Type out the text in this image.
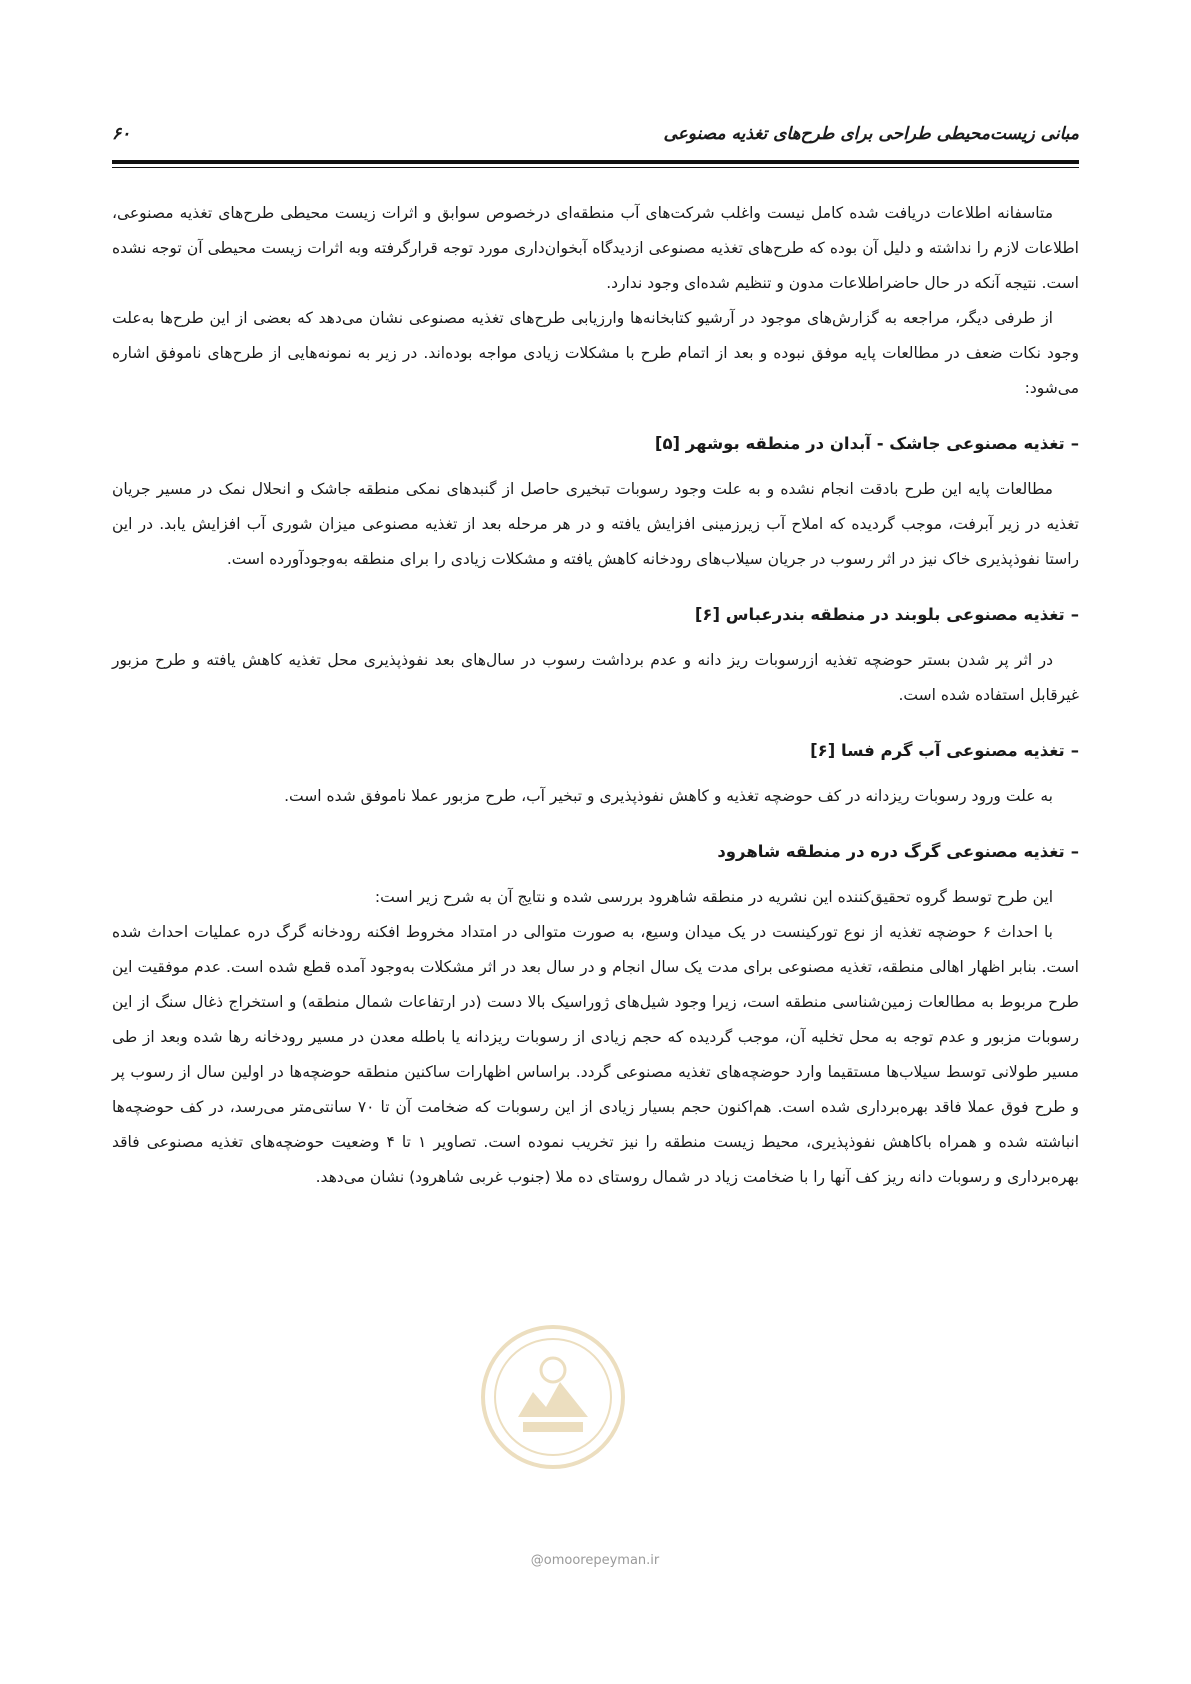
مبانی زیست‌محیطی طراحی برای طرح‌های تغذیه مصنوعی
۶۰

متاسفانه اطلاعات دریافت شده کامل نیست واغلب شرکت‌های آب منطقه‌ای درخصوص سوابق و اثرات زیست محیطی طرح‌های تغذیه مصنوعی، اطلاعات لازم را نداشته و دلیل آن بوده که طرح‌های تغذیه مصنوعی ازدیدگاه آبخوان‌داری مورد توجه قرارگرفته وبه اثرات زیست محیطی آن توجه نشده است. نتیجه آنکه در حال حاضراطلاعات مدون و تنظیم شده‌ای وجود ندارد.

از طرفی دیگر، مراجعه به گزارش‌های موجود در آرشیو کتابخانه‌ها وارزیابی طرح‌های تغذیه مصنوعی نشان می‌دهد که بعضی از این طرح‌ها به‌علت وجود نکات ضعف در مطالعات پایه موفق نبوده و بعد از اتمام طرح با مشکلات زیادی مواجه بوده‌اند. در زیر به نمونه‌هایی از طرح‌های ناموفق اشاره می‌شود:

–تغذیه مصنوعی جاشک - آبدان در منطقه بوشهر [۵]

مطالعات پایه این طرح بادقت انجام نشده و به علت وجود رسوبات تبخیری حاصل از گنبدهای نمکی منطقه جاشک و انحلال نمک در مسیر جریان تغذیه در زیر آبرفت، موجب گردیده که املاح آب زیرزمینی افزایش یافته و در هر مرحله بعد از تغذیه مصنوعی میزان شوری آب افزایش یابد. در این راستا نفوذپذیری خاک نیز در اثر رسوب در جریان سیلاب‌های رودخانه کاهش یافته و مشکلات زیادی را برای منطقه به‌وجودآورده است.

–تغذیه مصنوعی بلوبند در منطقه بندرعباس [۶]

در اثر پر شدن بستر حوضچه تغذیه ازرسوبات ریز دانه و عدم برداشت رسوب در سال‌های بعد نفوذپذیری محل تغذیه کاهش یافته و طرح مزبور غیرقابل استفاده شده است.

–تغذیه مصنوعی آب گرم فسا [۶]

به علت ورود رسوبات ریزدانه در کف حوضچه تغذیه و کاهش نفوذپذیری و تبخیر آب، طرح مزبور عملا ناموفق شده است.

–تغذیه مصنوعی گرگ دره در منطقه شاهرود

این طرح توسط گروه تحقیق‌کننده این نشریه در منطقه شاهرود بررسی شده و نتایج آن به شرح زیر است:

با احداث ۶ حوضچه تغذیه از نوع تورکینست در یک میدان وسیع، به صورت متوالی در امتداد مخروط افکنه رودخانه گرگ دره عملیات احداث شده است. بنابر اظهار اهالی منطقه، تغذیه مصنوعی برای مدت یک سال انجام و در سال بعد در اثر مشکلات به‌وجود آمده قطع شده است. عدم موفقیت این طرح مربوط به مطالعات زمین‌شناسی منطقه است، زیرا وجود شیل‌های ژوراسیک بالا دست (در ارتفاعات شمال منطقه) و استخراج ذغال سنگ از این رسوبات مزبور و عدم توجه به محل تخلیه آن، موجب گردیده که حجم زیادی از رسوبات ریزدانه یا باطله معدن در مسیر رودخانه رها شده وبعد از طی مسیر طولانی توسط سیلاب‌ها مستقیما وارد حوضچه‌های تغذیه مصنوعی گردد. براساس اظهارات ساکنین منطقه حوضچه‌ها در اولین سال از رسوب پر و طرح فوق عملا فاقد بهره‌برداری شده است. هم‌اکنون حجم بسیار زیادی از این رسوبات که ضخامت آن تا ۷۰ سانتی‌متر می‌رسد، در کف حوضچه‌ها انباشته شده و همراه باکاهش نفوذپذیری، محیط زیست منطقه را نیز تخریب نموده است. تصاویر ۱ تا ۴ وضعیت حوضچه‌های تغذیه مصنوعی فاقد بهره‌برداری و رسوبات دانه ریز کف آنها را با ضخامت زیاد در شمال روستای ده ملا (جنوب غربی شاهرود) نشان می‌دهد.

@omoorepeyman.ir
